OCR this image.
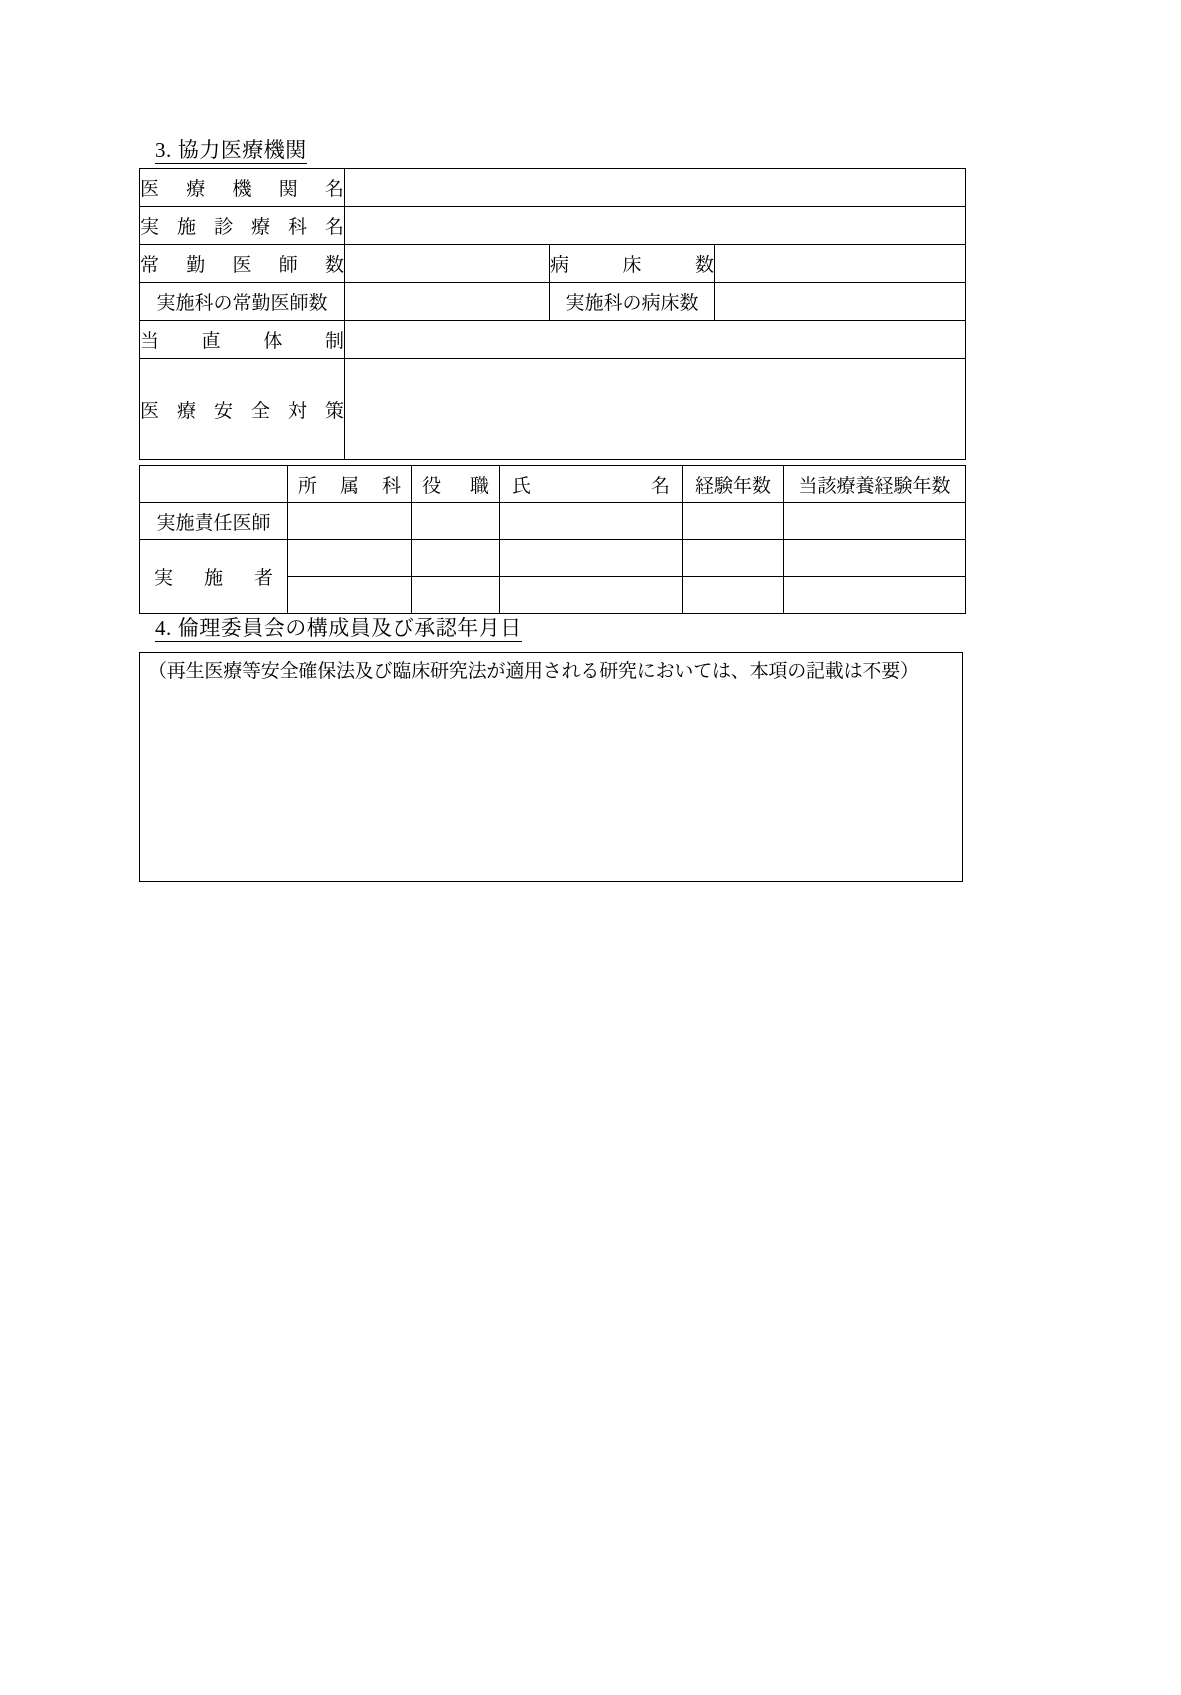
3. 協力医療機関
医療機関名			
実施診療科名			
常勤医師数		病床数	
実施科の常勤医師数		実施科の病床数	
当直体制			
医療安全対策			
	所属科	役職	氏名	経験年数	当該療養経験年数
実施責任医師					
実施者					

4. 倫理委員会の構成員及び承認年月日
（再生医療等安全確保法及び臨床研究法が適用される研究においては、本項の記載は不要）
